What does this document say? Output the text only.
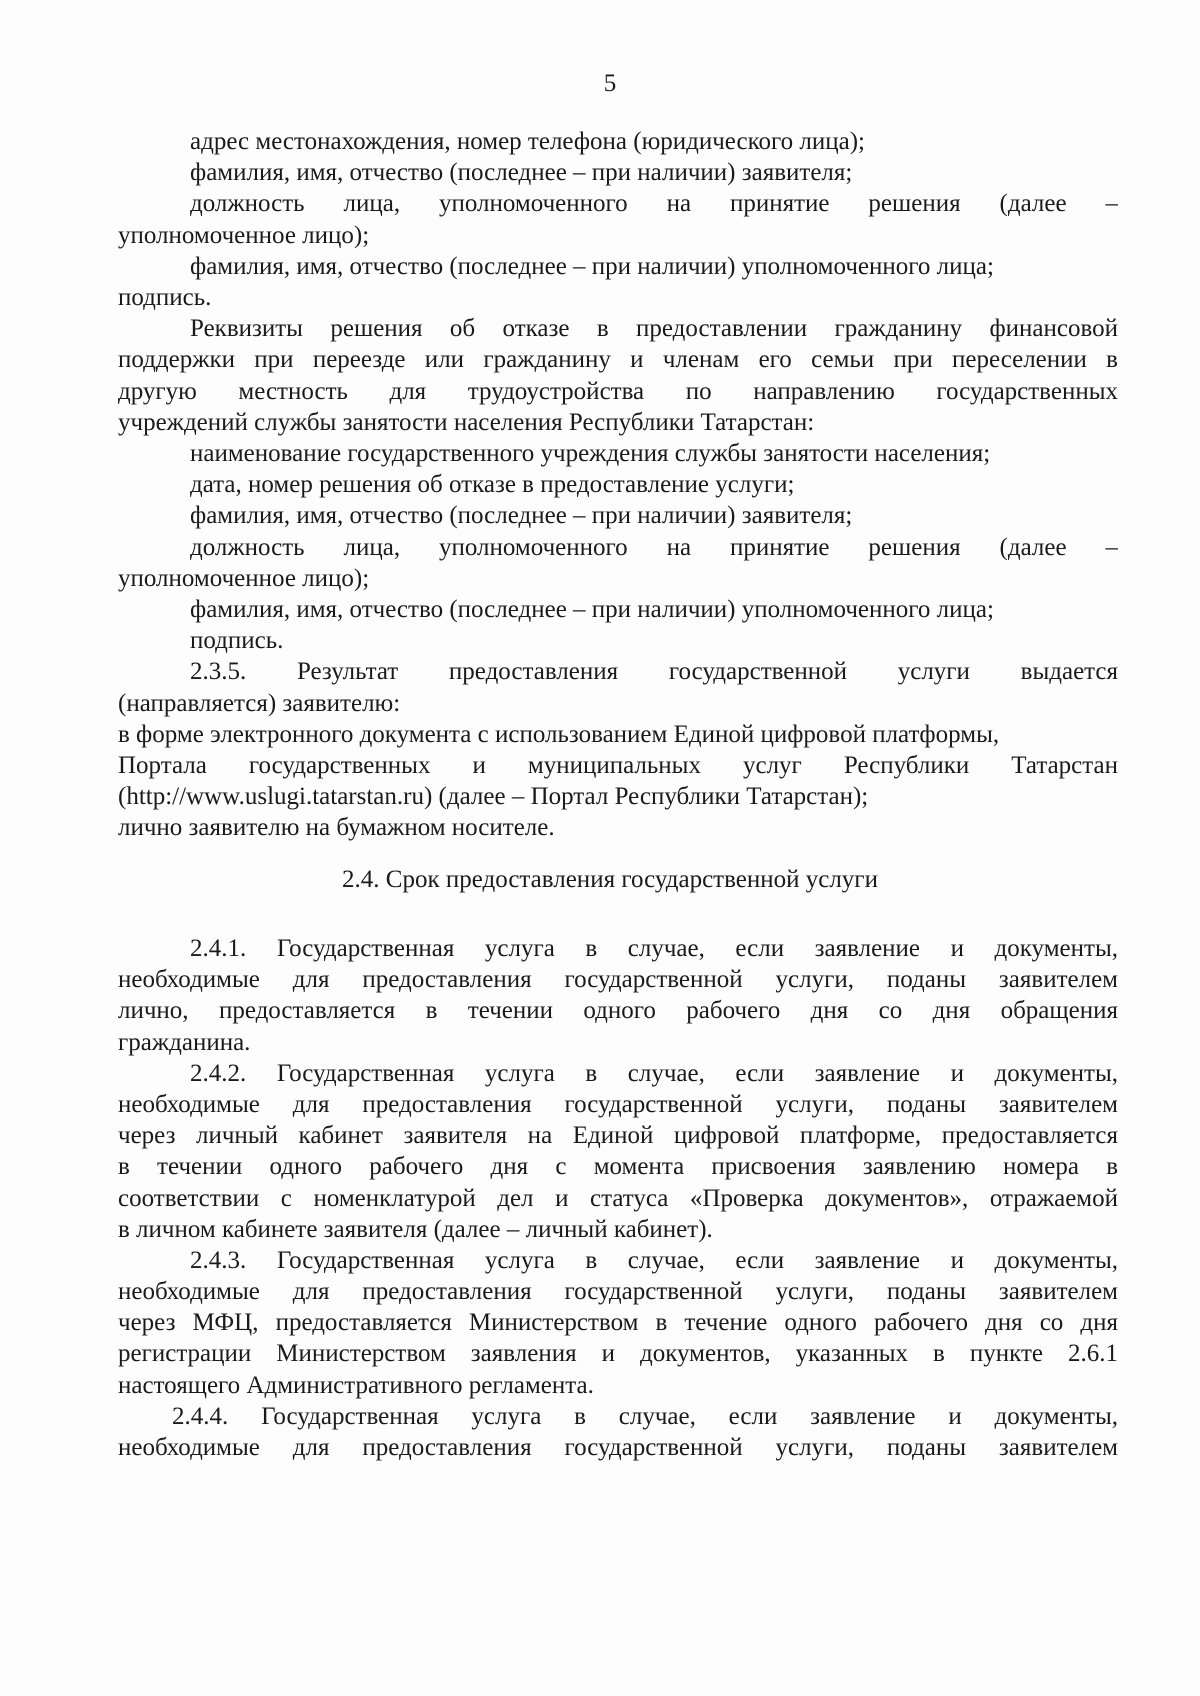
5
адрес местонахождения, номер телефона (юридического лица);
фамилия, имя, отчество (последнее – при наличии) заявителя;
должность лица, уполномоченного на принятие решения (далее –
уполномоченное лицо);
фамилия, имя, отчество (последнее – при наличии) уполномоченного лица;
подпись.
Реквизиты решения об отказе в предоставлении гражданину финансовой
поддержки при переезде или гражданину и членам его семьи при переселении в
другую местность для трудоустройства по направлению государственных
учреждений службы занятости населения Республики Татарстан:
наименование государственного учреждения службы занятости населения;
дата, номер решения об отказе в предоставление услуги;
фамилия, имя, отчество (последнее – при наличии) заявителя;
должность лица, уполномоченного на принятие решения (далее –
уполномоченное лицо);
фамилия, имя, отчество (последнее – при наличии) уполномоченного лица;
подпись.
2.3.5. Результат предоставления государственной услуги выдается
(направляется) заявителю:
в форме электронного документа с использованием Единой цифровой платформы,
Портала государственных и муниципальных услуг Республики Татарстан
(http://www.uslugi.tatarstan.ru) (далее – Портал Республики Татарстан);
лично заявителю на бумажном носителе.
2.4. Срок предоставления государственной услуги
2.4.1. Государственная услуга в случае, если заявление и документы,
необходимые для предоставления государственной услуги, поданы заявителем
лично, предоставляется в течении одного рабочего дня со дня обращения
гражданина.
2.4.2. Государственная услуга в случае, если заявление и документы,
необходимые для предоставления государственной услуги, поданы заявителем
через личный кабинет заявителя на Единой цифровой платформе, предоставляется
в течении одного рабочего дня с момента присвоения заявлению номера в
соответствии с номенклатурой дел и статуса «Проверка документов», отражаемой
в личном кабинете заявителя (далее – личный кабинет).
2.4.3. Государственная услуга в случае, если заявление и документы,
необходимые для предоставления государственной услуги, поданы заявителем
через МФЦ, предоставляется Министерством в течение одного рабочего дня со дня
регистрации Министерством заявления и документов, указанных в пункте 2.6.1
настоящего Административного регламента.
2.4.4. Государственная услуга в случае, если заявление и документы,
необходимые для предоставления государственной услуги, поданы заявителем
